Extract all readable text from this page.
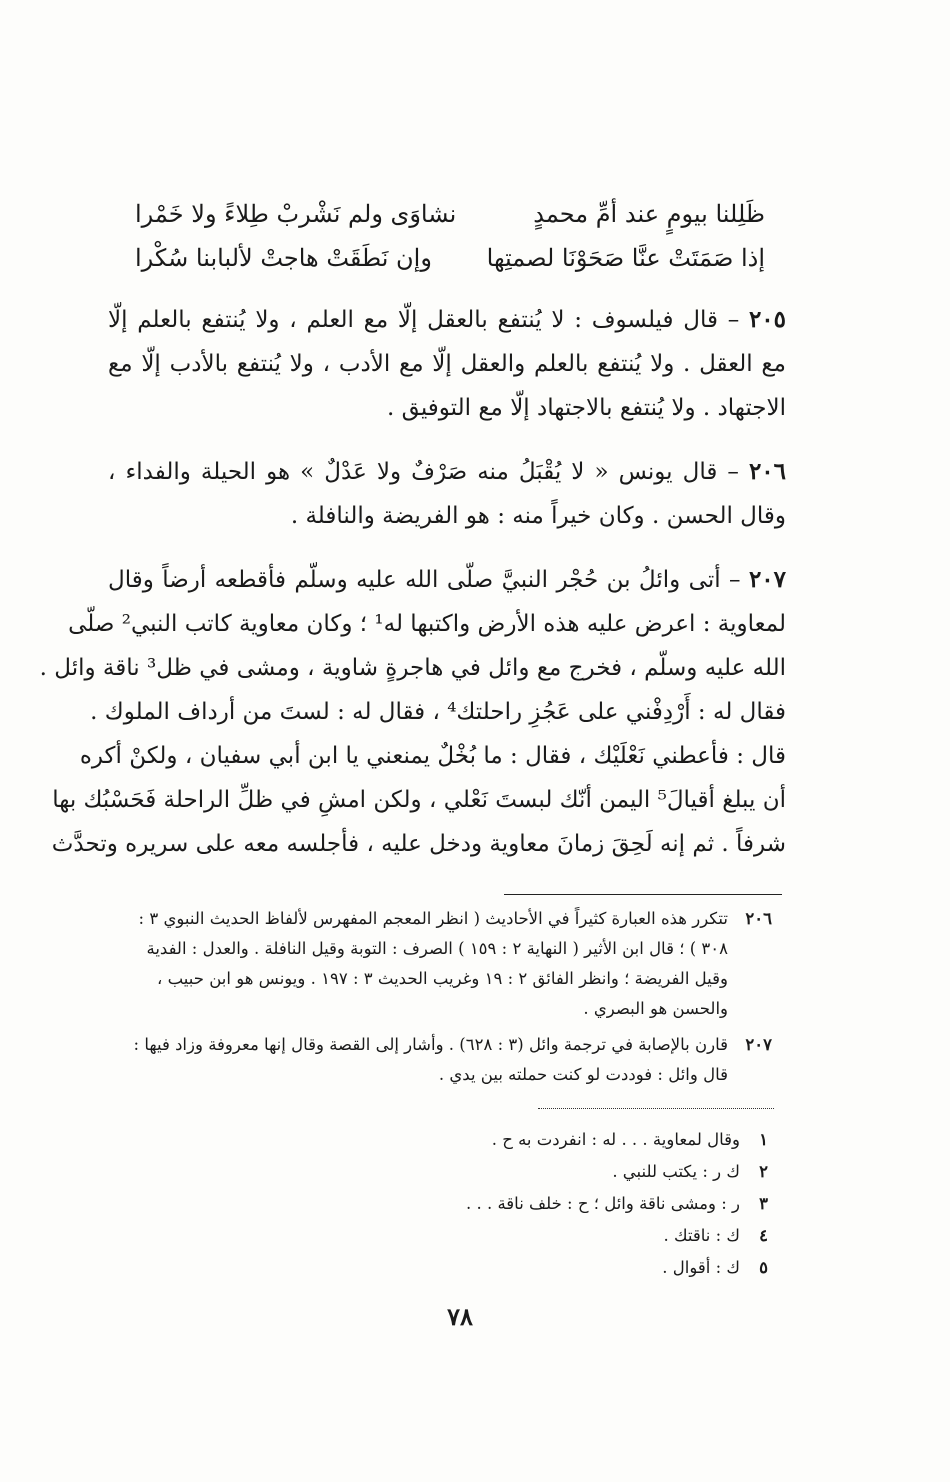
ظَلِلنا بيومٍ عند أمِّ محمدٍ
نشاوَى ولم نَشْربْ طِلاءً ولا خَمْرا
إذا صَمَتَتْ عنَّا صَحَوْنَا لصمتِها
وإن نَطَقَتْ هاجتْ لألبابنا سُكْرا
٢٠٥ – قال فيلسوف : لا يُنتفع بالعقل إلّا مع العلم ، ولا يُنتفع بالعلم إلّا
مع العقل . ولا يُنتفع بالعلم والعقل إلّا مع الأدب ، ولا يُنتفع بالأدب إلّا مع
الاجتهاد . ولا يُنتفع بالاجتهاد إلّا مع التوفيق .
٢٠٦ – قال يونس « لا يُقْبَلُ منه صَرْفٌ ولا عَدْلٌ » هو الحيلة والفداء ،
وقال الحسن . وكان خيراً منه : هو الفريضة والنافلة .
٢٠٧ – أتى وائلُ بن حُجْر النبيَّ صلّى الله عليه وسلّم فأقطعه أرضاً وقال
لمعاوية : اعرض عليه هذه الأرض واكتبها له¹ ؛ وكان معاوية كاتب النبي² صلّى
الله عليه وسلّم ، فخرج مع وائل في هاجرةٍ شاوية ، ومشى في ظل³ ناقة وائل .
فقال له : أَرْدِفْني على عَجُزِ راحلتك⁴ ، فقال له : لستَ من أرداف الملوك .
قال : فأعطني نَعْلَيْك ، فقال : ما بُخْلٌ يمنعني يا ابن أبي سفيان ، ولكنْ أكره
أن يبلغ أقيالَ⁵ اليمن أنّك لبستَ نَعْلي ، ولكن امشِ في ظلِّ الراحلة فَحَسْبُك بها
شرفاً . ثم إنه لَحِقَ زمانَ معاوية ودخل عليه ، فأجلسه معه على سريره وتحدَّث
٢٠٦
تتكرر هذه العبارة كثيراً في الأحاديث ( انظر المعجم المفهرس لألفاظ الحديث النبوي ٣ :
٣٠٨ ) ؛ قال ابن الأثير ( النهاية ٢ : ١٥٩ ) الصرف : التوبة وقيل النافلة . والعدل : الفدية
وقيل الفريضة ؛ وانظر الفائق ٢ : ١٩ وغريب الحديث ٣ : ١٩٧ . ويونس هو ابن حبيب ،
والحسن هو البصري .
٢٠٧
قارن بالإصابة في ترجمة وائل (٣ : ٦٢٨) . وأشار إلى القصة وقال إنها معروفة وزاد فيها :
قال وائل : فوددت لو كنت حملته بين يدي .
١
وقال لمعاوية . . . له : انفردت به ح .
٢
ك ر : يكتب للنبي .
٣
ر : ومشى ناقة وائل ؛ ح : خلف ناقة . . .
٤
ك : ناقتك .
٥
ك : أقوال .
٧٨
